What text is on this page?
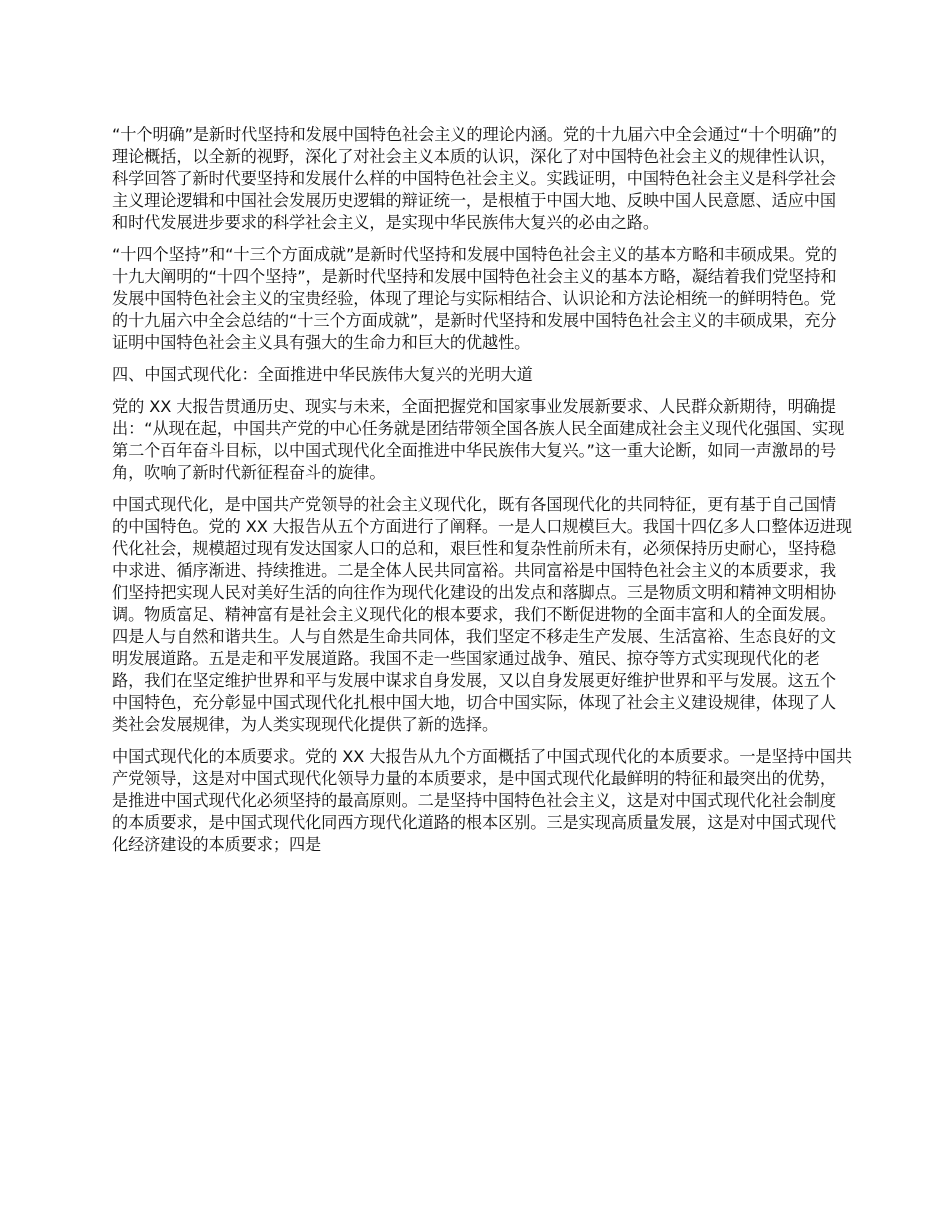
“十个明确”是新时代坚持和发展中国特色社会主义的理论内涵。党的十九届六中全会通过“十个明确”的理论概括，以全新的视野，深化了对社会主义本质的认识，深化了对中国特色社会主义的规律性认识，科学回答了新时代要坚持和发展什么样的中国特色社会主义。实践证明，中国特色社会主义是科学社会主义理论逻辑和中国社会发展历史逻辑的辩证统一，是根植于中国大地、反映中国人民意愿、适应中国和时代发展进步要求的科学社会主义，是实现中华民族伟大复兴的必由之路。

“十四个坚持”和“十三个方面成就”是新时代坚持和发展中国特色社会主义的基本方略和丰硕成果。党的十九大阐明的“十四个坚持”，是新时代坚持和发展中国特色社会主义的基本方略，凝结着我们党坚持和发展中国特色社会主义的宝贵经验，体现了理论与实际相结合、认识论和方法论相统一的鲜明特色。党的十九届六中全会总结的“十三个方面成就”，是新时代坚持和发展中国特色社会主义的丰硕成果，充分证明中国特色社会主义具有强大的生命力和巨大的优越性。

四、中国式现代化：全面推进中华民族伟大复兴的光明大道

党的 XX 大报告贯通历史、现实与未来，全面把握党和国家事业发展新要求、人民群众新期待，明确提出：“从现在起，中国共产党的中心任务就是团结带领全国各族人民全面建成社会主义现代化强国、实现第二个百年奋斗目标，以中国式现代化全面推进中华民族伟大复兴。”这一重大论断，如同一声激昂的号角，吹响了新时代新征程奋斗的旋律。

中国式现代化，是中国共产党领导的社会主义现代化，既有各国现代化的共同特征，更有基于自己国情的中国特色。党的 XX 大报告从五个方面进行了阐释。一是人口规模巨大。我国十四亿多人口整体迈进现代化社会，规模超过现有发达国家人口的总和，艰巨性和复杂性前所未有，必须保持历史耐心，坚持稳中求进、循序渐进、持续推进。二是全体人民共同富裕。共同富裕是中国特色社会主义的本质要求，我们坚持把实现人民对美好生活的向往作为现代化建设的出发点和落脚点。三是物质文明和精神文明相协调。物质富足、精神富有是社会主义现代化的根本要求，我们不断促进物的全面丰富和人的全面发展。四是人与自然和谐共生。人与自然是生命共同体，我们坚定不移走生产发展、生活富裕、生态良好的文明发展道路。五是走和平发展道路。我国不走一些国家通过战争、殖民、掠夺等方式实现现代化的老路，我们在坚定维护世界和平与发展中谋求自身发展，又以自身发展更好维护世界和平与发展。这五个中国特色，充分彰显中国式现代化扎根中国大地，切合中国实际，体现了社会主义建设规律，体现了人类社会发展规律，为人类实现现代化提供了新的选择。

中国式现代化的本质要求。党的 XX 大报告从九个方面概括了中国式现代化的本质要求。一是坚持中国共产党领导，这是对中国式现代化领导力量的本质要求，是中国式现代化最鲜明的特征和最突出的优势，是推进中国式现代化必须坚持的最高原则。二是坚持中国特色社会主义，这是对中国式现代化社会制度的本质要求，是中国式现代化同西方现代化道路的根本区别。三是实现高质量发展，这是对中国式现代化经济建设的本质要求；四是
